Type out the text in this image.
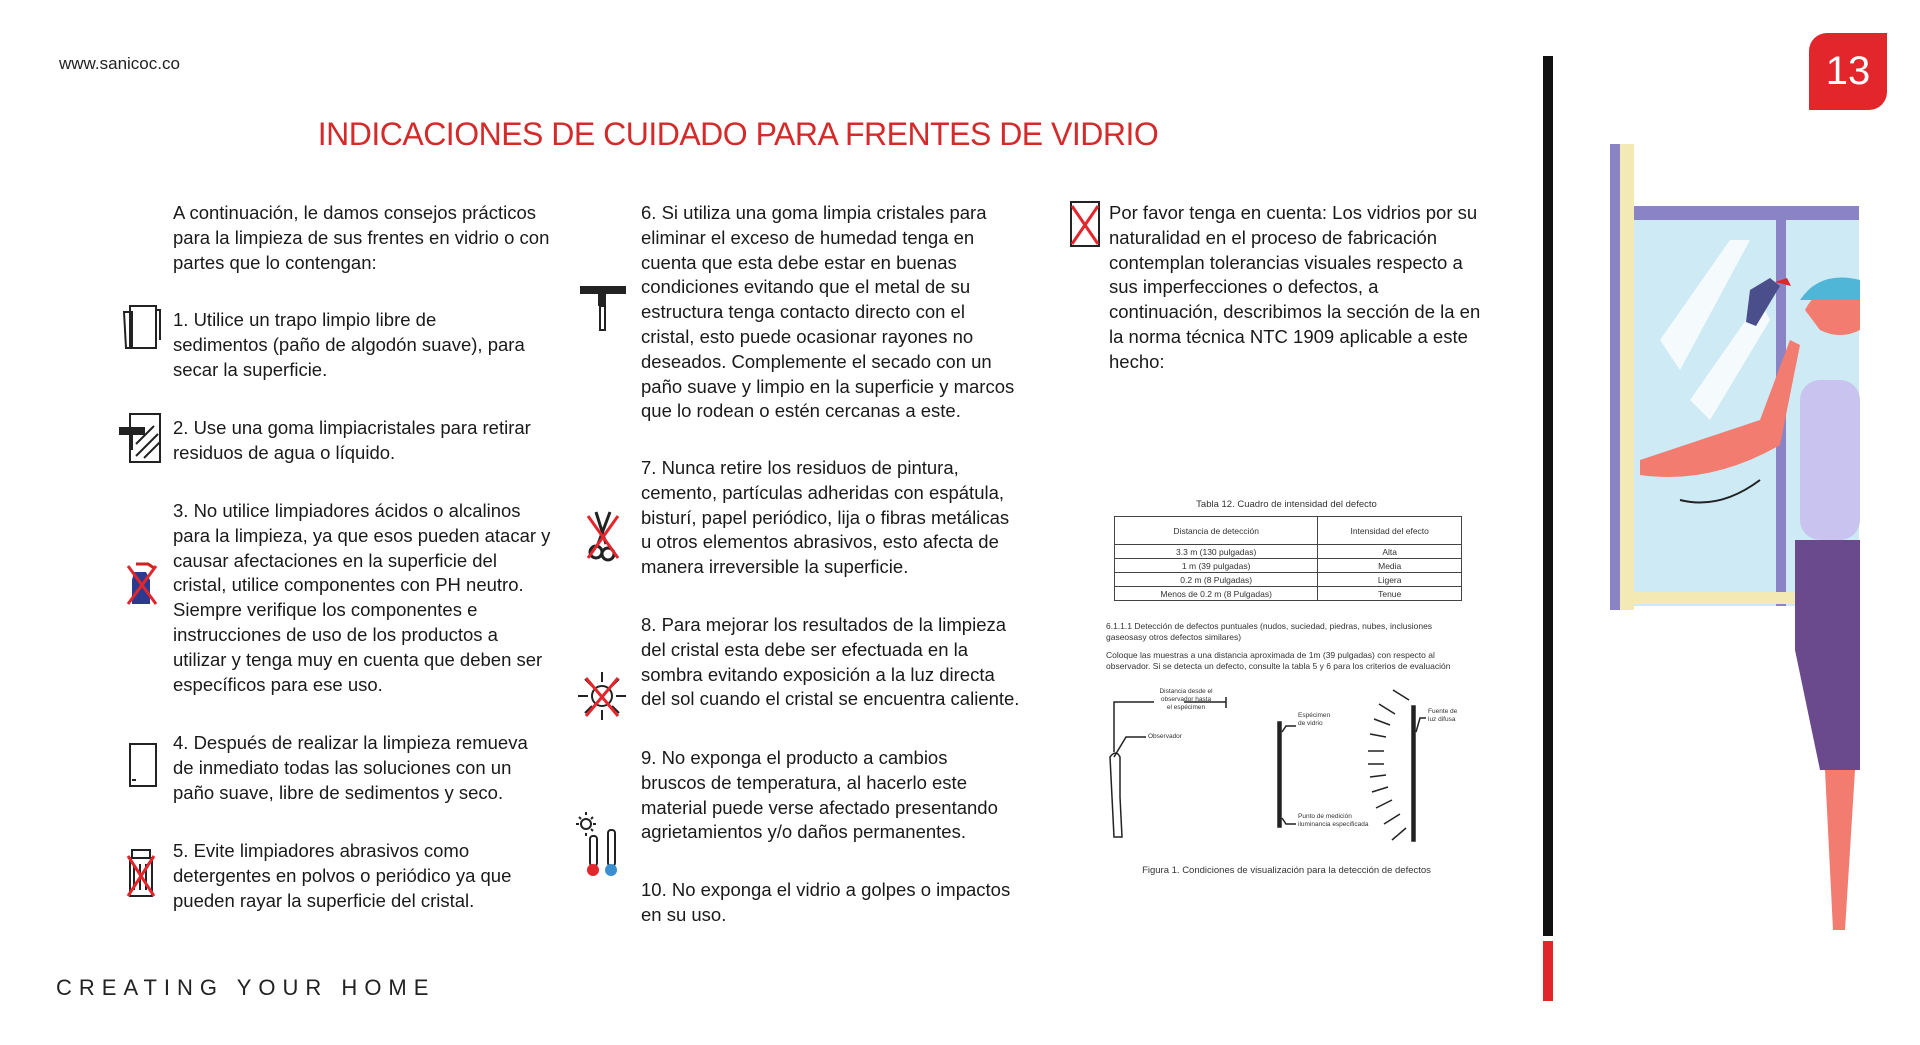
www.sanicoc.co
INDICACIONES DE CUIDADO PARA FRENTES DE VIDRIO
A continuación, le damos consejos prácticos
para la limpieza de sus frentes en vidrio o con
partes que lo contengan:
1. Utilice un trapo limpio libre de
sedimentos (paño de algodón suave), para
secar la superficie.
2. Use una goma limpiacristales para retirar
residuos de agua o líquido.
3. No utilice limpiadores ácidos o alcalinos
para la limpieza, ya que esos pueden atacar y
causar afectaciones en la superficie del
cristal, utilice componentes con PH neutro.
Siempre verifique los componentes e
instrucciones de uso de los productos a
utilizar y tenga muy en cuenta que deben ser
específicos para ese uso.
4. Después de realizar la limpieza remueva
de inmediato todas las soluciones con un
paño suave, libre de sedimentos y seco.
5. Evite limpiadores abrasivos como
detergentes en polvos o periódico ya que
pueden rayar la superficie del cristal.
6. Si utiliza una goma limpia cristales para
eliminar el exceso de humedad tenga en
cuenta que esta debe estar en buenas
condiciones evitando que el metal de su
estructura tenga contacto directo con el
cristal, esto puede ocasionar rayones no
deseados. Complemente el secado con un
paño suave y limpio en la superficie y marcos
que lo rodean o estén cercanas a este.
7. Nunca retire los residuos de pintura,
cemento, partículas adheridas con espátula,
bisturí, papel periódico, lija o fibras metálicas
u otros elementos abrasivos, esto afecta de
manera irreversible la superficie.
8. Para mejorar los resultados de la limpieza
del cristal esta debe ser efectuada en la
sombra evitando exposición a la luz directa
del sol cuando el cristal se encuentra caliente.
9. No exponga el producto a cambios
bruscos de temperatura, al hacerlo este
material puede verse afectado presentando
agrietamientos y/o daños permanentes.
10. No exponga el vidrio a golpes o impactos
en su uso.
Por favor tenga en cuenta: Los vidrios por su
naturalidad en el proceso de fabricación
contemplan tolerancias visuales respecto a
sus imperfecciones o defectos, a
continuación, describimos la sección de la en
la norma técnica NTC 1909 aplicable a este
hecho:
Tabla 12. Cuadro de intensidad del defecto
Distancia de detección	Intensidad del efecto
3.3 m (130 pulgadas)	Alta
1 m (39 pulgadas)	Media
0.2 m (8 Pulgadas)	Ligera
Menos de 0.2 m (8 Pulgadas)	Tenue
6.1.1.1 Detección de defectos puntuales (nudos, suciedad, piedras, nubes, inclusiones
gaseosasy otros defectos similares)
Coloque las muestras a una distancia aproximada de 1m (39 pulgadas) con respecto al
observador. Si se detecta un defecto, consulte la tabla 5 y 6 para los criterios de evaluación
Distancia desde el
observador hasta
el espécimen
Observador
Espécimen
de vidrio
Punto de medición
iluminancia especificada
Fuente de
luz difusa
Figura 1. Condiciones de visualización para la detección de defectos
13
CREATING YOUR HOME
